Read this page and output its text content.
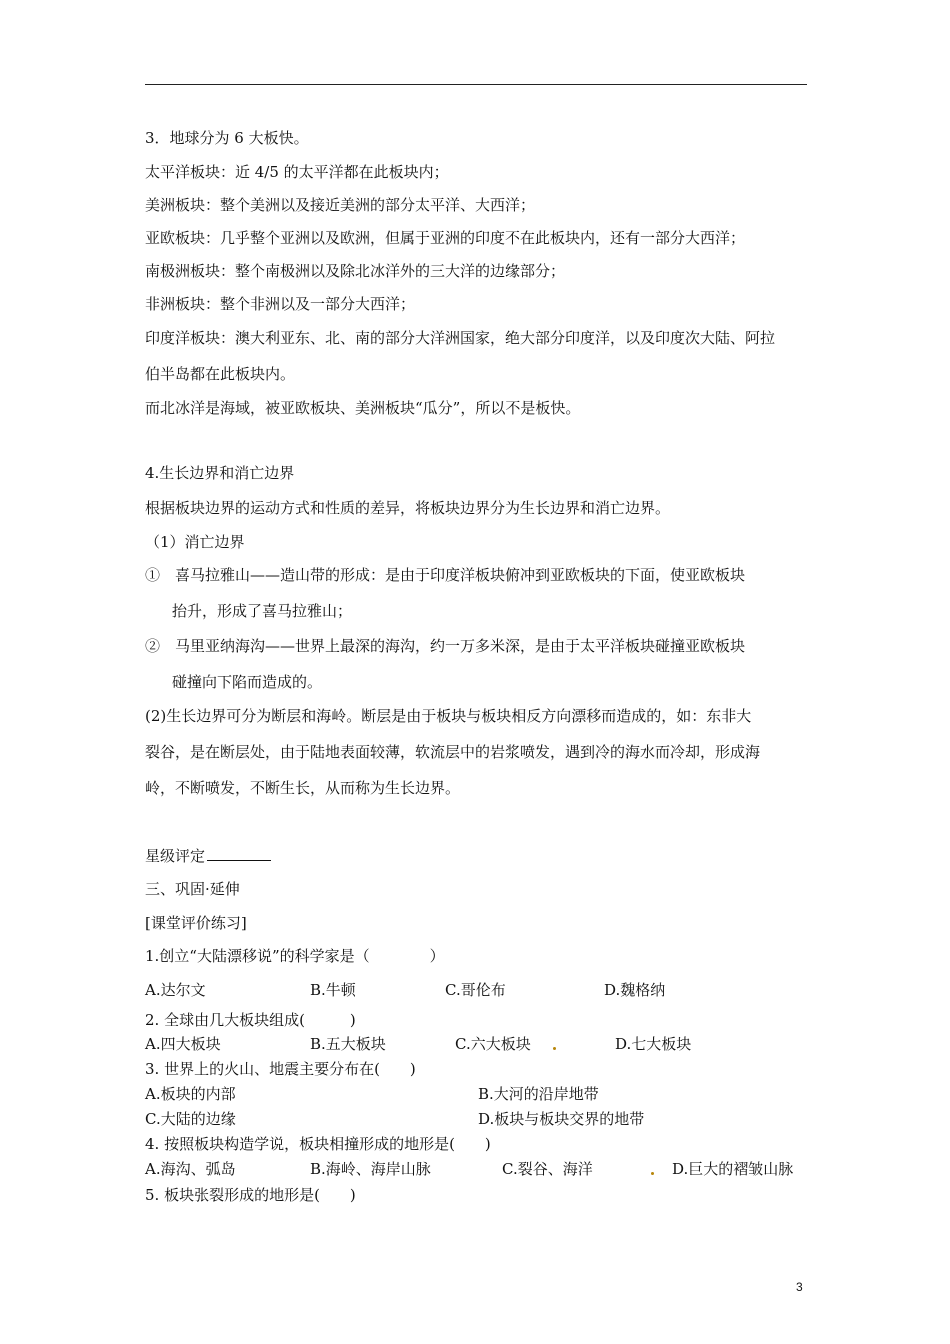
3．地球分为 6 大板快。
太平洋板块：近 4/5 的太平洋都在此板块内；
美洲板块：整个美洲以及接近美洲的部分太平洋、大西洋；
亚欧板块：几乎整个亚洲以及欧洲，但属于亚洲的印度不在此板块内，还有一部分大西洋；
南极洲板块：整个南极洲以及除北冰洋外的三大洋的边缘部分；
非洲板块：整个非洲以及一部分大西洋；
印度洋板块：澳大利亚东、北、南的部分大洋洲国家，绝大部分印度洋，以及印度次大陆、阿拉
伯半岛都在此板块内。
而北冰洋是海域，被亚欧板块、美洲板块“瓜分”，所以不是板快。
4.生长边界和消亡边界
根据板块边界的运动方式和性质的差异，将板块边界分为生长边界和消亡边界。
（1）消亡边界
①　喜马拉雅山——造山带的形成：是由于印度洋板块俯冲到亚欧板块的下面，使亚欧板块
抬升，形成了喜马拉雅山；
②　马里亚纳海沟——世界上最深的海沟，约一万多米深，是由于太平洋板块碰撞亚欧板块
碰撞向下陷而造成的。
(2)生长边界可分为断层和海岭。断层是由于板块与板块相反方向漂移而造成的，如：东非大
裂谷，是在断层处，由于陆地表面较薄，软流层中的岩浆喷发，遇到冷的海水而冷却，形成海
岭，不断喷发，不断生长，从而称为生长边界。
星级评定
三、巩固·延伸
[课堂评价练习]
1.创立“大陆漂移说”的科学家是（　　　　）
A.达尔文	B.牛顿	C.哥伦布	D.魏格纳
2. 全球由几大板块组成(　　　)
A.四大板块	B.五大板块	C.六大板块	D.七大板块
3. 世界上的火山、地震主要分布在(　　)
A.板块的内部	B.大河的沿岸地带
C.大陆的边缘	D.板块与板块交界的地带
4. 按照板块构造学说，板块相撞形成的地形是(　　)
A.海沟、弧岛	B.海岭、海岸山脉	C.裂谷、海洋	D.巨大的褶皱山脉
5. 板块张裂形成的地形是(　　)
3
